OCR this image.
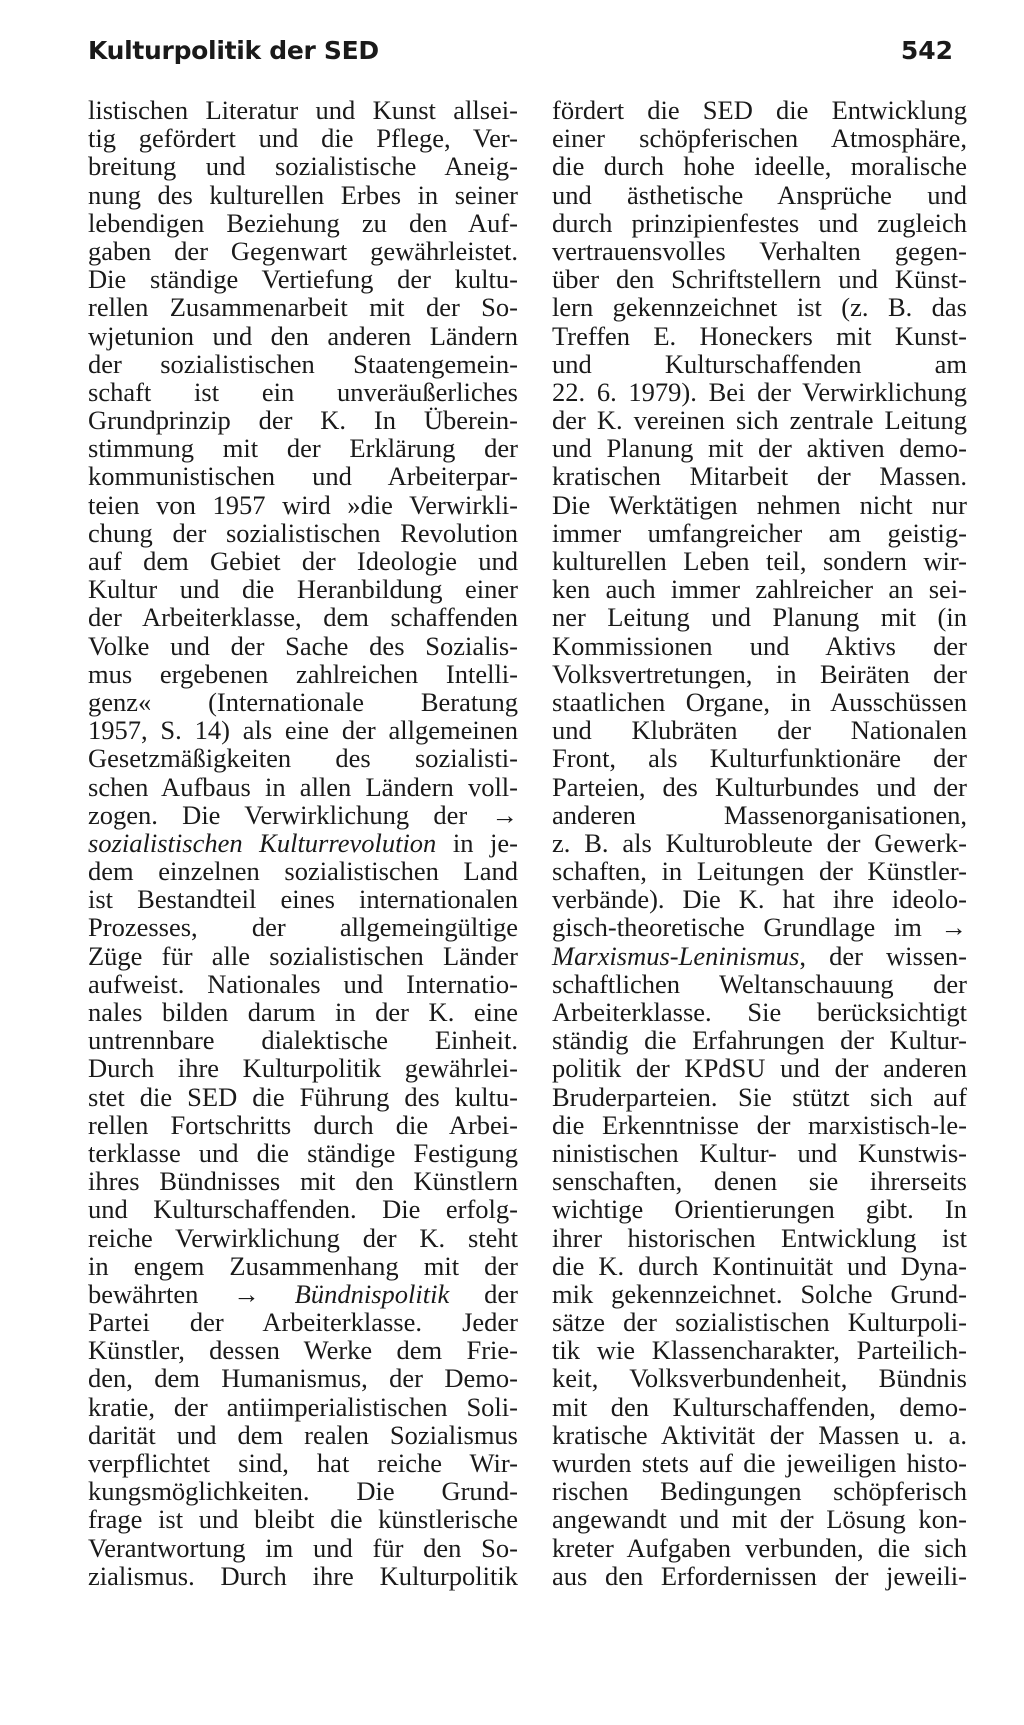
Kulturpolitik der SED	542
listischen Literatur und Kunst allsei-
tig gefördert und die Pflege, Ver-
breitung und sozialistische Aneig-
nung des kulturellen Erbes in seiner
lebendigen Beziehung zu den Auf-
gaben der Gegenwart gewährleistet.
Die ständige Vertiefung der kultu-
rellen Zusammenarbeit mit der So-
wjetunion und den anderen Ländern
der sozialistischen Staatengemein-
schaft ist ein unveräußerliches
Grundprinzip der K. In Überein-
stimmung mit der Erklärung der
kommunistischen und Arbeiterpar-
teien von 1957 wird »die Verwirkli-
chung der sozialistischen Revolution
auf dem Gebiet der Ideologie und
Kultur und die Heranbildung einer
der Arbeiterklasse, dem schaffenden
Volke und der Sache des Sozialis-
mus ergebenen zahlreichen Intelli-
genz« (Internationale Beratung
1957, S. 14) als eine der allgemeinen
Gesetzmäßigkeiten des sozialisti-
schen Aufbaus in allen Ländern voll-
zogen. Die Verwirklichung der →
sozialistischen Kulturrevolution in je-
dem einzelnen sozialistischen Land
ist Bestandteil eines internationalen
Prozesses, der allgemeingültige
Züge für alle sozialistischen Länder
aufweist. Nationales und Internatio-
nales bilden darum in der K. eine
untrennbare dialektische Einheit.
Durch ihre Kulturpolitik gewährlei-
stet die SED die Führung des kultu-
rellen Fortschritts durch die Arbei-
terklasse und die ständige Festigung
ihres Bündnisses mit den Künstlern
und Kulturschaffenden. Die erfolg-
reiche Verwirklichung der K. steht
in engem Zusammenhang mit der
bewährten → Bündnispolitik der
Partei der Arbeiterklasse. Jeder
Künstler, dessen Werke dem Frie-
den, dem Humanismus, der Demo-
kratie, der antiimperialistischen Soli-
darität und dem realen Sozialismus
verpflichtet sind, hat reiche Wir-
kungsmöglichkeiten. Die Grund-
frage ist und bleibt die künstlerische
Verantwortung im und für den So-
zialismus. Durch ihre Kulturpolitik
fördert die SED die Entwicklung
einer schöpferischen Atmosphäre,
die durch hohe ideelle, moralische
und ästhetische Ansprüche und
durch prinzipienfestes und zugleich
vertrauensvolles Verhalten gegen-
über den Schriftstellern und Künst-
lern gekennzeichnet ist (z. B. das
Treffen E. Honeckers mit Kunst-
und Kulturschaffenden am
22. 6. 1979). Bei der Verwirklichung
der K. vereinen sich zentrale Leitung
und Planung mit der aktiven demo-
kratischen Mitarbeit der Massen.
Die Werktätigen nehmen nicht nur
immer umfangreicher am geistig-
kulturellen Leben teil, sondern wir-
ken auch immer zahlreicher an sei-
ner Leitung und Planung mit (in
Kommissionen und Aktivs der
Volksvertretungen, in Beiräten der
staatlichen Organe, in Ausschüssen
und Klubräten der Nationalen
Front, als Kulturfunktionäre der
Parteien, des Kulturbundes und der
anderen Massenorganisationen,
z. B. als Kulturobleute der Gewerk-
schaften, in Leitungen der Künstler-
verbände). Die K. hat ihre ideolo-
gisch-theoretische Grundlage im →
Marxismus-Leninismus, der wissen-
schaftlichen Weltanschauung der
Arbeiterklasse. Sie berücksichtigt
ständig die Erfahrungen der Kultur-
politik der KPdSU und der anderen
Bruderparteien. Sie stützt sich auf
die Erkenntnisse der marxistisch-le-
ninistischen Kultur- und Kunstwis-
senschaften, denen sie ihrerseits
wichtige Orientierungen gibt. In
ihrer historischen Entwicklung ist
die K. durch Kontinuität und Dyna-
mik gekennzeichnet. Solche Grund-
sätze der sozialistischen Kulturpoli-
tik wie Klassencharakter, Parteilich-
keit, Volksverbundenheit, Bündnis
mit den Kulturschaffenden, demo-
kratische Aktivität der Massen u. a.
wurden stets auf die jeweiligen histo-
rischen Bedingungen schöpferisch
angewandt und mit der Lösung kon-
kreter Aufgaben verbunden, die sich
aus den Erfordernissen der jeweili-
